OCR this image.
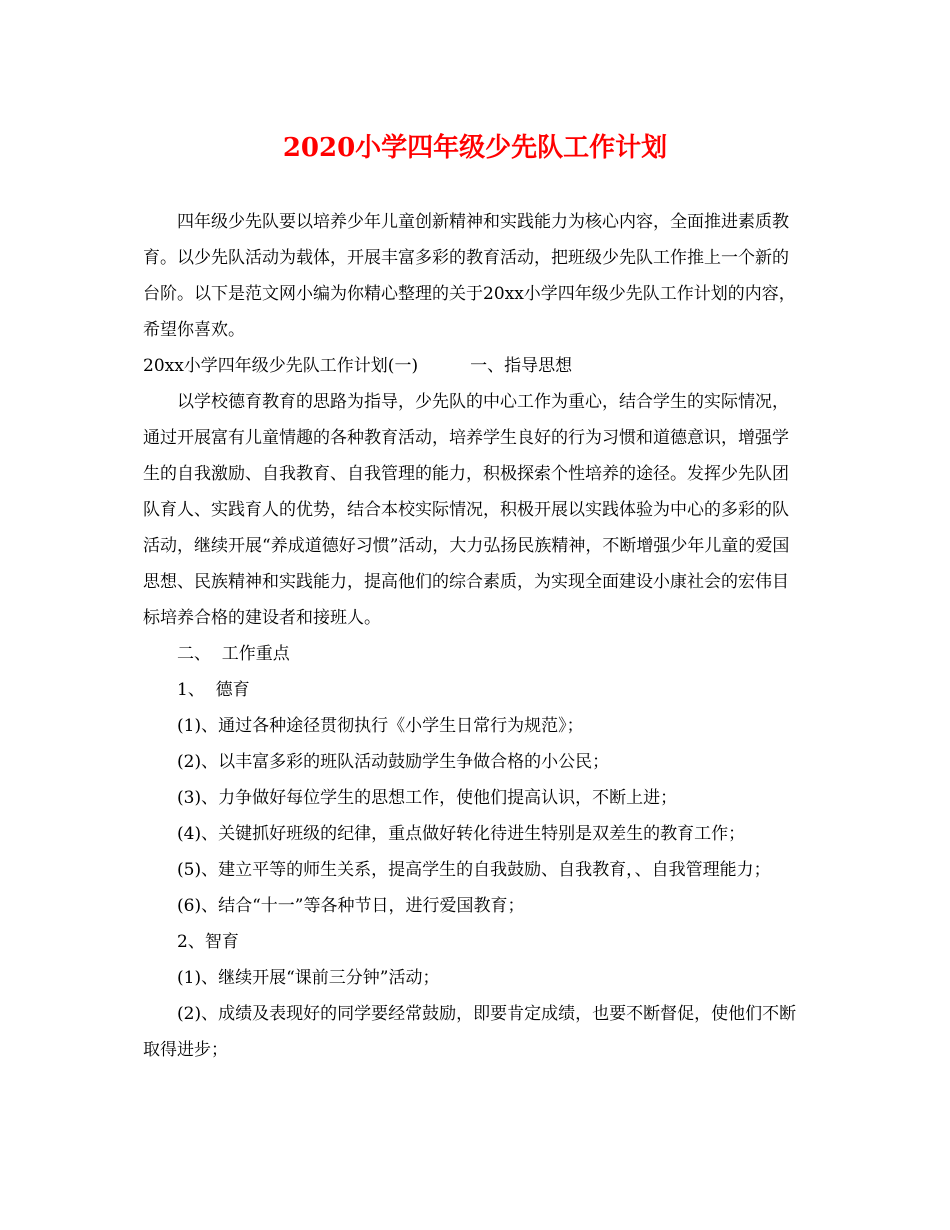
2020小学四年级少先队工作计划

四年级少先队要以培养少年儿童创新精神和实践能力为核心内容，全面推进素质教育。以少先队活动为载体，开展丰富多彩的教育活动，把班级少先队工作推上一个新的台阶。以下是范文网小编为你精心整理的关于20xx小学四年级少先队工作计划的内容，希望你喜欢。

20xx小学四年级少先队工作计划(一)	一、指导思想

以学校德育教育的思路为指导，少先队的中心工作为重心，结合学生的实际情况，通过开展富有儿童情趣的各种教育活动，培养学生良好的行为习惯和道德意识，增强学生的自我激励、自我教育、自我管理的能力，积极探索个性培养的途径。发挥少先队团队育人、实践育人的优势，结合本校实际情况，积极开展以实践体验为中心的多彩的队活动，继续开展“养成道德好习惯”活动，大力弘扬民族精神，不断增强少年儿童的爱国思想、民族精神和实践能力，提高他们的综合素质，为实现全面建设小康社会的宏伟目标培养合格的建设者和接班人。

二、  工作重点

1、  德育

(1)、通过各种途径贯彻执行《小学生日常行为规范》；

(2)、以丰富多彩的班队活动鼓励学生争做合格的小公民；

(3)、力争做好每位学生的思想工作，使他们提高认识，不断上进；

(4)、关键抓好班级的纪律，重点做好转化待进生特别是双差生的教育工作；

(5)、建立平等的师生关系，提高学生的自我鼓励、自我教育，、自我管理能力；

(6)、结合“十一”等各种节日，进行爱国教育；

2、智育

(1)、继续开展“课前三分钟”活动；

(2)、成绩及表现好的同学要经常鼓励，即要肯定成绩，也要不断督促，使他们不断取得进步；
